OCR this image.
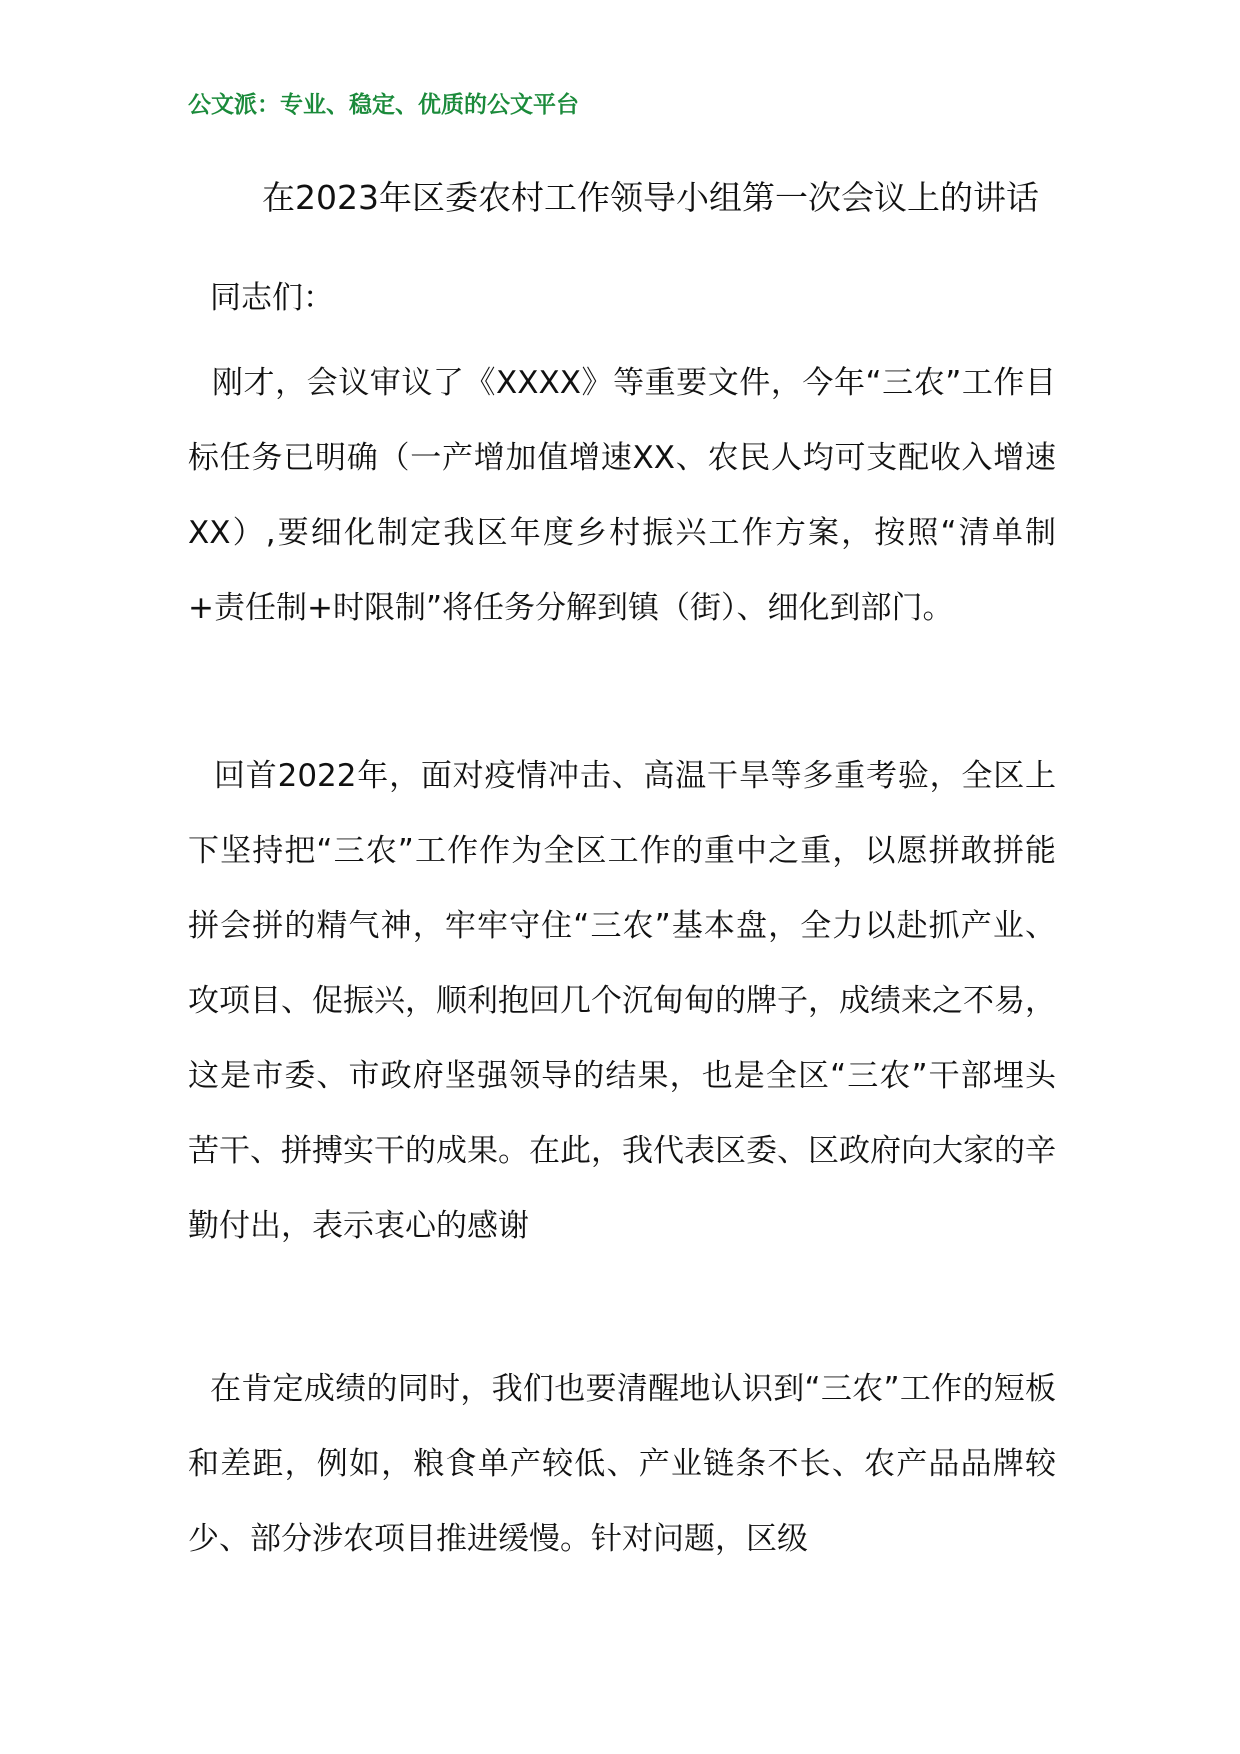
公文派：专业、稳定、优质的公文平台
在2023年区委农村工作领导小组第一次会议上的讲话
同志们：

刚才，会议审议了《XXXX》等重要文件，今年“三农”工作目标任务已明确（一产增加值增速XX、农民人均可支配收入增速XX）,要细化制定我区年度乡村振兴工作方案，按照“清单制+责任制+时限制”将任务分解到镇（街）、细化到部门。

回首2022年，面对疫情冲击、高温干旱等多重考验，全区上下坚持把“三农”工作作为全区工作的重中之重，以愿拼敢拼能拼会拼的精气神，牢牢守住“三农”基本盘，全力以赴抓产业、攻项目、促振兴，顺利抱回几个沉甸甸的牌子，成绩来之不易，这是市委、市政府坚强领导的结果，也是全区“三农”干部埋头苦干、拼搏实干的成果。在此，我代表区委、区政府向大家的辛勤付出，表示衷心的感谢

在肯定成绩的同时，我们也要清醒地认识到“三农”工作的短板和差距，例如，粮食单产较低、产业链条不长、农产品品牌较少、部分涉农项目推进缓慢。针对问题，区级
